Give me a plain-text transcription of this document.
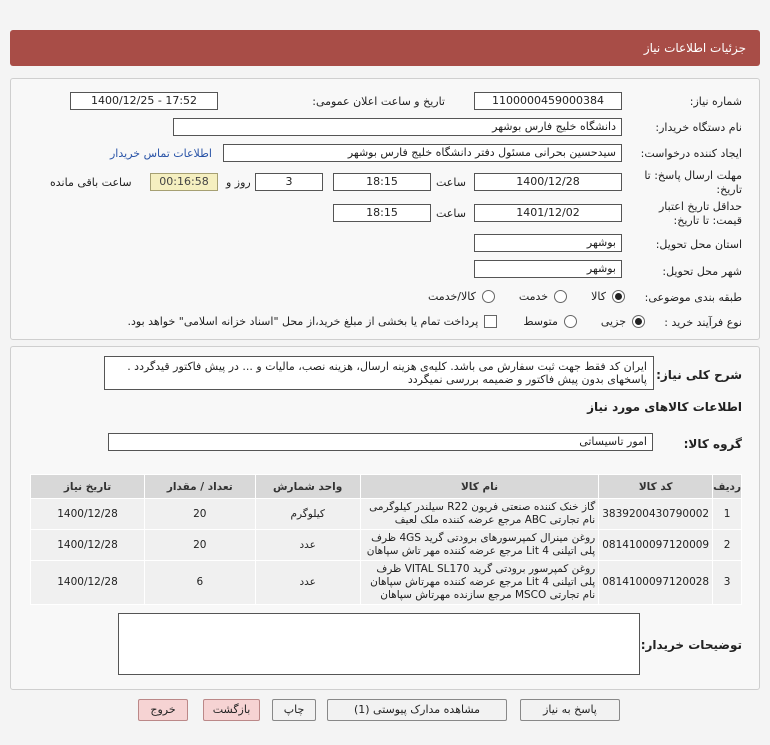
جزئیات اطلاعات نیاز
شماره نیاز:
1100000459000384
تاریخ و ساعت اعلان عمومی:
1400/12/25 - 17:52
نام دستگاه خریدار:
دانشگاه خلیج فارس بوشهر
ایجاد کننده درخواست:
سیدحسین بحرانی مسئول دفتر دانشگاه خلیج فارس بوشهر
اطلاعات تماس خریدار
مهلت ارسال پاسخ: تا
تاریخ:
1400/12/28
ساعت
18:15
3
روز و
00:16:58
ساعت باقی مانده
حداقل تاریخ اعتبار
قیمت: تا تاریخ:
1401/12/02
ساعت
18:15
استان محل تحویل:
بوشهر
شهر محل تحویل:
بوشهر
طبقه بندی موضوعی:
کالا
خدمت
کالا/خدمت
نوع فرآیند خرید :
جزیی
متوسط
پرداخت تمام یا بخشی از مبلغ خرید،از محل "اسناد خزانه اسلامی" خواهد بود.
شرح کلی نیاز:
ایران کد فقط جهت ثبت سفارش می باشد. کلیه‌ی هزینه ارسال، هزینه نصب، مالیات و ... در پیش فاکتور قیدگردد . پاسخهای بدون پیش فاکتور و ضمیمه بررسی نمیگردد
اطلاعات کالاهای مورد نیاز
گروه کالا:
امور تاسیساتی
ردیف	کد کالا	نام کالا	واحد شمارش	تعداد / مقدار	تاریخ نیاز
1	3839200430790002	گاز خنک کننده صنعتی فریون R22 سیلندر کیلوگرمی نام تجارتی ABC مرجع عرضه کننده ملک لعیف	کیلوگرم	20	1400/12/28
2	0814100097120009	روغن مینرال کمپرسورهای برودتی گرید 4GS ظرف پلی اتیلنی 4 Lit مرجع عرضه کننده مهر تاش سپاهان	عدد	20	1400/12/28
3	0814100097120028	روغن کمپرسور برودتی گرید VITAL SL170 ظرف پلی اتیلنی 4 Lit مرجع عرضه کننده مهرتاش سپاهان نام تجارتی MSCO مرجع سازنده مهرتاش سپاهان	عدد	6	1400/12/28
توضیحات خریدار:
پاسخ به نیاز
مشاهده مدارک پیوستی (1)
چاپ
بازگشت
خروج
